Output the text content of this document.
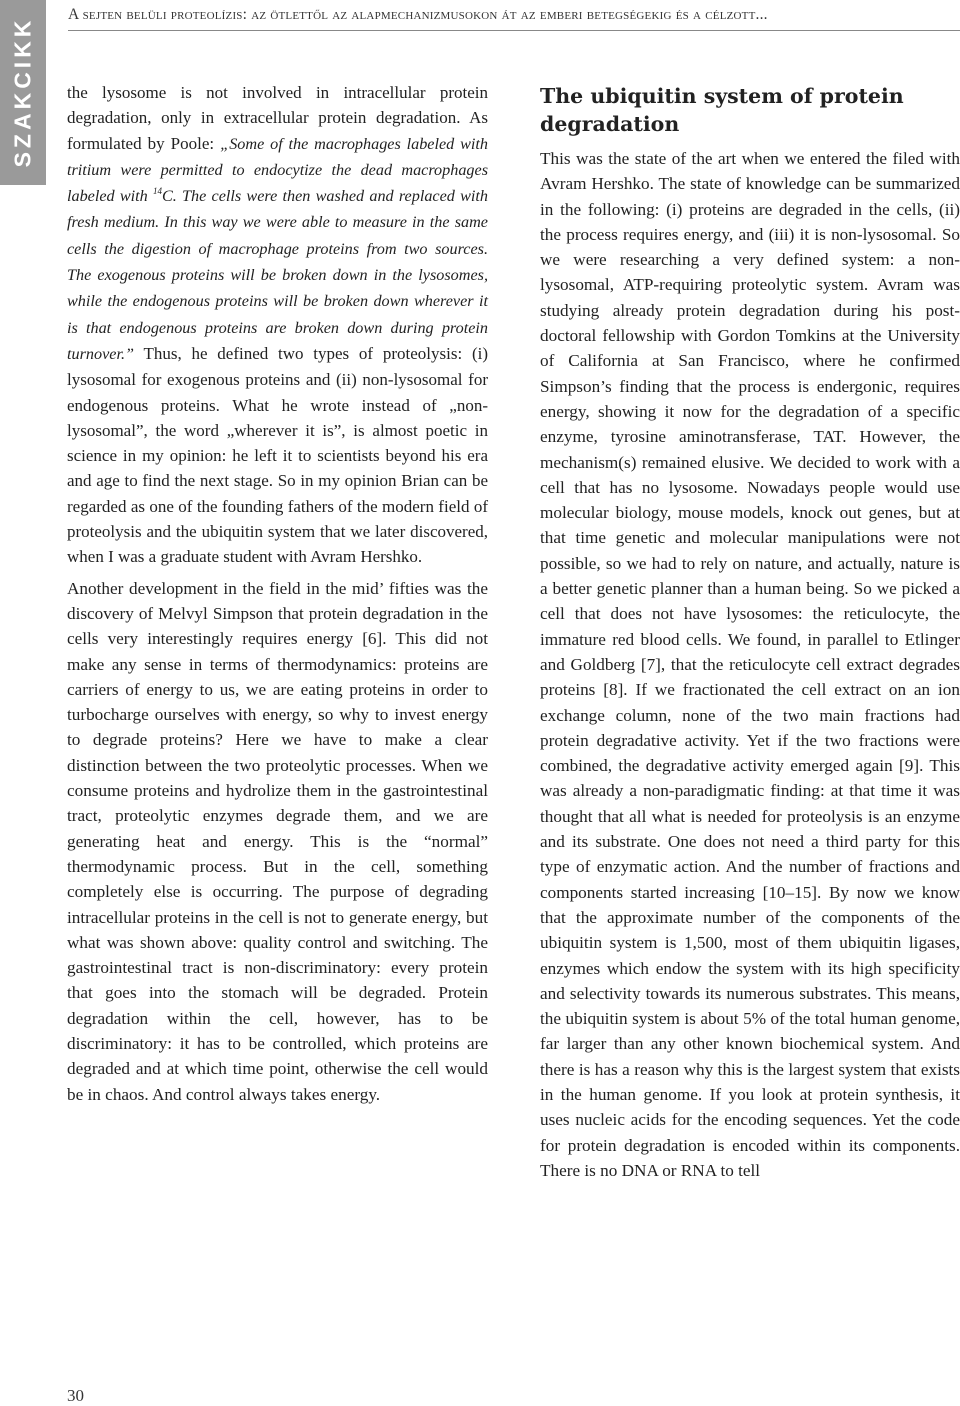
SZAKCIKK
A sejten belüli proteolízis: az ötlettől az alapmechanizmusokon át az emberi betegségekig és a célzott...

the lysosome is not involved in intracellular protein degradation, only in extracellular protein degradation. As formulated by Poole: „Some of the macrophages labeled with tritium were permitted to endocytize the dead macrophages labeled with $^{14}$C. The cells were then washed and replaced with fresh medium. In this way we were able to measure in the same cells the digestion of macrophage proteins from two sources. The exogenous proteins will be broken down in the lysosomes, while the endogenous proteins will be broken down wherever it is that endogenous proteins are broken down during protein turnover.” Thus, he defined two types of proteolysis: (i) lysosomal for exogenous proteins and (ii) non-lysosomal for endogenous proteins. What he wrote instead of „non-lysosomal”, the word „wherever it is”, is almost poetic in science in my opinion: he left it to scientists beyond his era and age to find the next stage. So in my opinion Brian can be regarded as one of the founding fathers of the modern field of proteolysis and the ubiquitin system that we later discovered, when I was a graduate student with Avram Hershko.

Another development in the field in the mid’ fifties was the discovery of Melvyl Simpson that protein degradation in the cells very interestingly requires energy [6]. This did not make any sense in terms of thermodynamics: proteins are carriers of energy to us, we are eating proteins in order to turbocharge ourselves with energy, so why to invest energy to degrade proteins? Here we have to make a clear distinction between the two proteolytic processes. When we consume proteins and hydrolize them in the gastrointestinal tract, proteolytic enzymes degrade them, and we are generating heat and energy. This is the “normal” thermodynamic process. But in the cell, something completely else is occurring. The purpose of degrading intracellular proteins in the cell is not to generate energy, but what was shown above: quality control and switching. The gastrointestinal tract is non-discriminatory: every protein that goes into the stomach will be degraded. Protein degradation within the cell, however, has to be discriminatory: it has to be controlled, which proteins are degraded and at which time point, otherwise the cell would be in chaos. And control always takes energy.

The ubiquitin system of protein degradation

This was the state of the art when we entered the filed with Avram Hershko. The state of knowledge can be summarized in the following: (i) proteins are degraded in the cells, (ii) the process requires energy, and (iii) it is non-lysosomal. So we were researching a very defined system: a non-lysosomal, ATP-requiring proteolytic system. Avram was studying already protein degradation during his post-doctoral fellowship with Gordon Tomkins at the University of California at San Francisco, where he confirmed Simpson’s finding that the process is endergonic, requires energy, showing it now for the degradation of a specific enzyme, tyrosine aminotransferase, TAT. However, the mechanism(s) remained elusive. We decided to work with a cell that has no lysosome. Nowadays people would use molecular biology, mouse models, knock out genes, but at that time genetic and molecular manipulations were not possible, so we had to rely on nature, and actually, nature is a better genetic planner than a human being. So we picked a cell that does not have lysosomes: the reticulocyte, the immature red blood cells. We found, in parallel to Etlinger and Goldberg [7], that the reticulocyte cell extract degrades proteins [8]. If we fractionated the cell extract on an ion exchange column, none of the two main fractions had protein degradative activity. Yet if the two fractions were combined, the degradative activity emerged again [9]. This was already a non-paradigmatic finding: at that time it was thought that all what is needed for proteolysis is an enzyme and its substrate. One does not need a third party for this type of enzymatic action. And the number of fractions and components started increasing [10–15]. By now we know that the approximate number of the components of the ubiquitin system is 1,500, most of them ubiquitin ligases, enzymes which endow the system with its high specificity and selectivity towards its numerous substrates. This means, the ubiquitin system is about 5% of the total human genome, far larger than any other known biochemical system. And there is has a reason why this is the largest system that exists in the human genome. If you look at protein synthesis, it uses nucleic acids for the encoding sequences. Yet the code for protein degradation is encoded within its components. There is no DNA or RNA to tell

30
